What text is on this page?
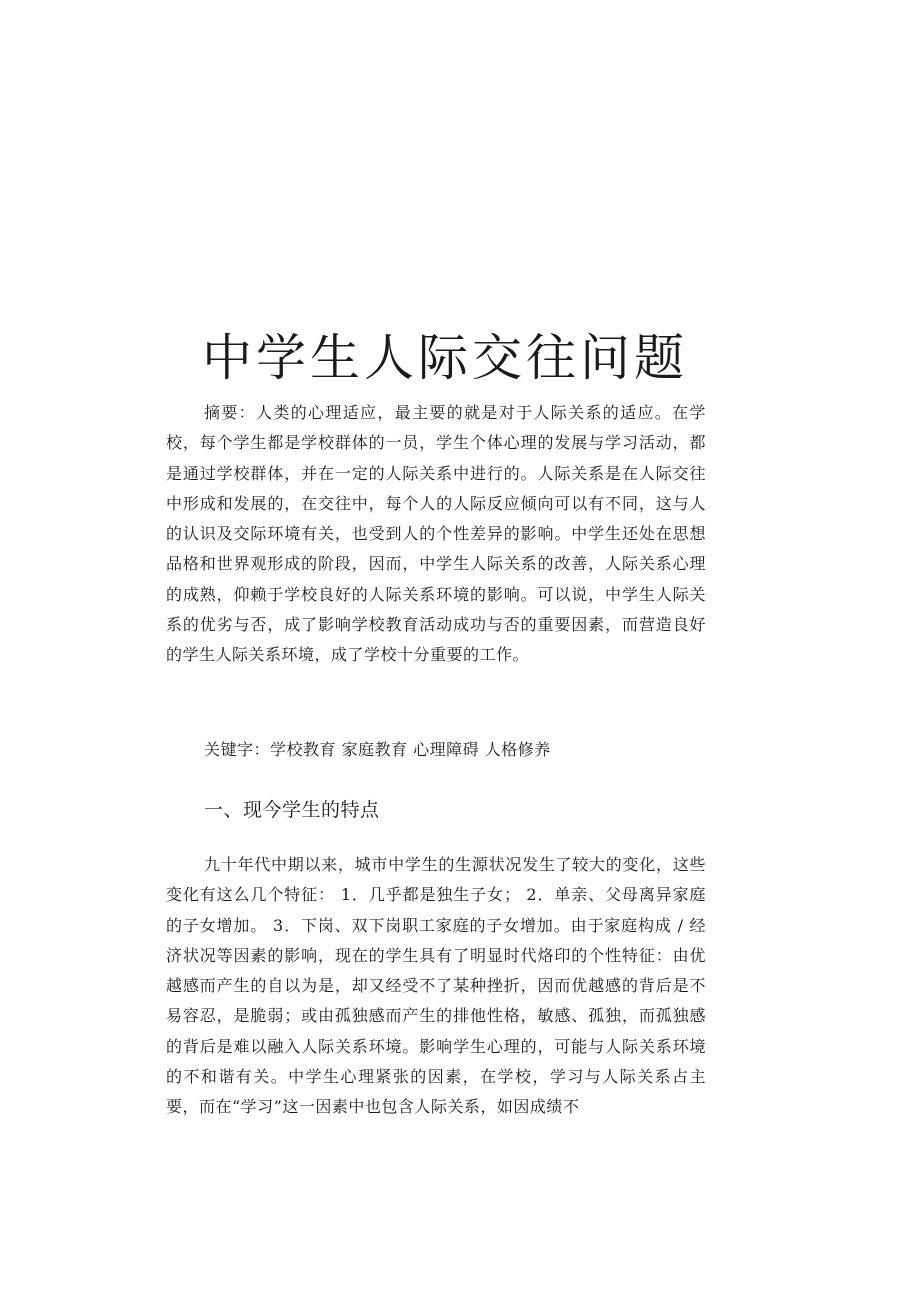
中学生人际交往问题

摘要：人类的心理适应，最主要的就是对于人际关系的适应。在学校，每个学生都是学校群体的一员，学生个体心理的发展与学习活动，都是通过学校群体，并在一定的人际关系中进行的。人际关系是在人际交往中形成和发展的，在交往中，每个人的人际反应倾向可以有不同，这与人的认识及交际环境有关，也受到人的个性差异的影响。中学生还处在思想品格和世界观形成的阶段，因而，中学生人际关系的改善，人际关系心理的成熟，仰赖于学校良好的人际关系环境的影响。可以说，中学生人际关系的优劣与否，成了影响学校教育活动成功与否的重要因素，而营造良好的学生人际关系环境，成了学校十分重要的工作。

关键字：学校教育 家庭教育 心理障碍 人格修养

一、现今学生的特点

九十年代中期以来，城市中学生的生源状况发生了较大的变化，这些变化有这么几个特征： 1．几乎都是独生子女； 2．单亲、父母离异家庭的子女增加。 3．下岗、双下岗职工家庭的子女增加。由于家庭构成 / 经济状况等因素的影响，现在的学生具有了明显时代烙印的个性特征：由优越感而产生的自以为是，却又经受不了某种挫折，因而优越感的背后是不易容忍，是脆弱；或由孤独感而产生的排他性格，敏感、孤独，而孤独感的背后是难以融入人际关系环境。影响学生心理的，可能与人际关系环境的不和谐有关。中学生心理紧张的因素，在学校，学习与人际关系占主要，而在“学习”这一因素中也包含人际关系，如因成绩不
